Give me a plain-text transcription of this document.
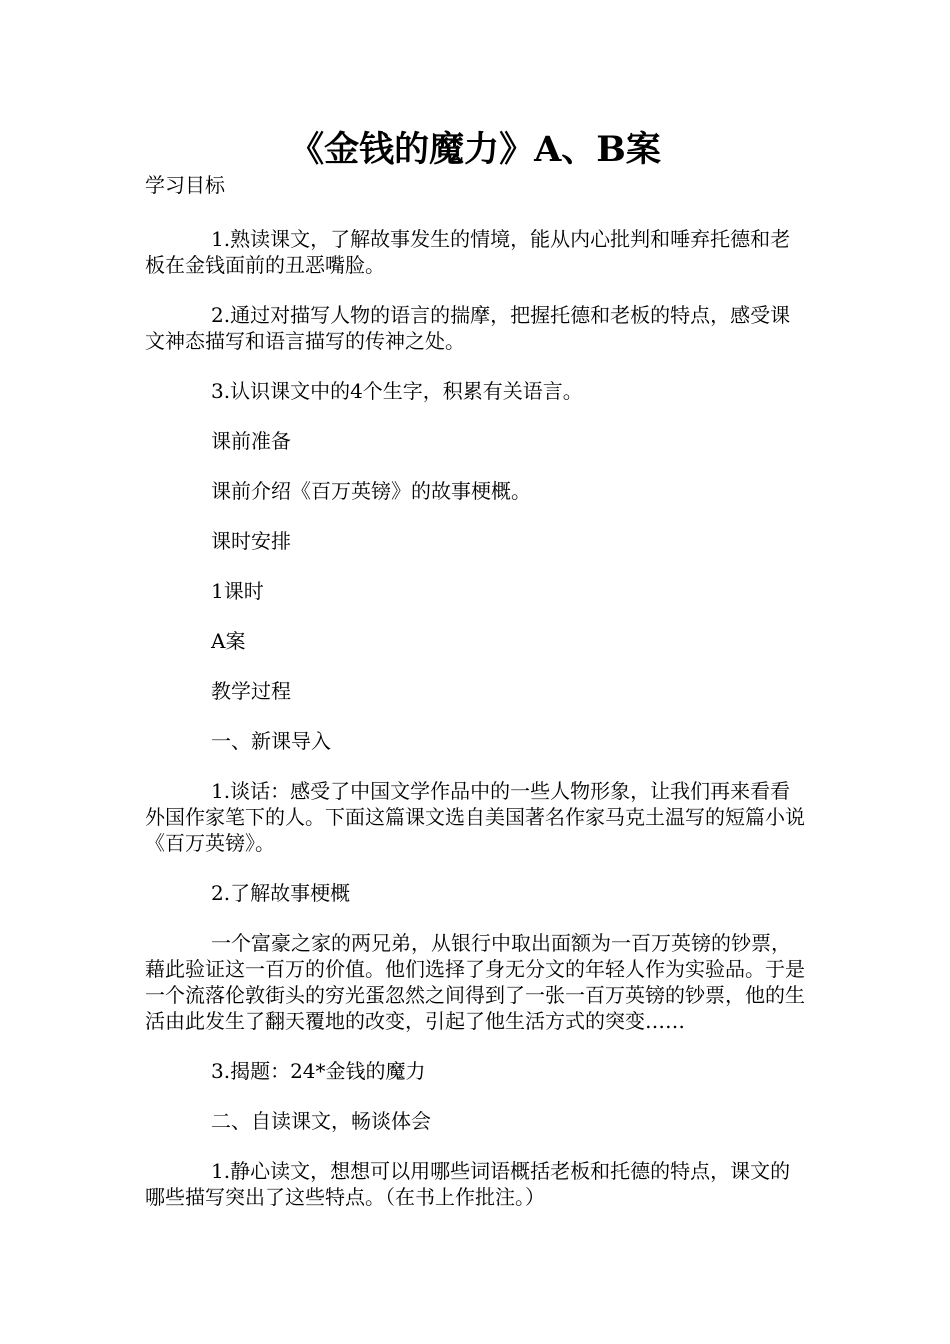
《金钱的魔力》A、B案

学习目标

1.熟读课文，了解故事发生的情境，能从内心批判和唾弃托德和老板在金钱面前的丑恶嘴脸。

2.通过对描写人物的语言的揣摩，把握托德和老板的特点，感受课文神态描写和语言描写的传神之处。

3.认识课文中的4个生字，积累有关语言。

课前准备

课前介绍《百万英镑》的故事梗概。

课时安排

1课时

A案

教学过程

一、新课导入

1.谈话：感受了中国文学作品中的一些人物形象，让我们再来看看外国作家笔下的人。下面这篇课文选自美国著名作家马克土温写的短篇小说《百万英镑》。

2.了解故事梗概

一个富豪之家的两兄弟，从银行中取出面额为一百万英镑的钞票，藉此验证这一百万的价值。他们选择了身无分文的年轻人作为实验品。于是一个流落伦敦街头的穷光蛋忽然之间得到了一张一百万英镑的钞票，他的生活由此发生了翻天覆地的改变，引起了他生活方式的突变……

3.揭题：24*金钱的魔力

二、自读课文，畅谈体会

1.静心读文，想想可以用哪些词语概括老板和托德的特点，课文的哪些描写突出了这些特点。（在书上作批注。）
